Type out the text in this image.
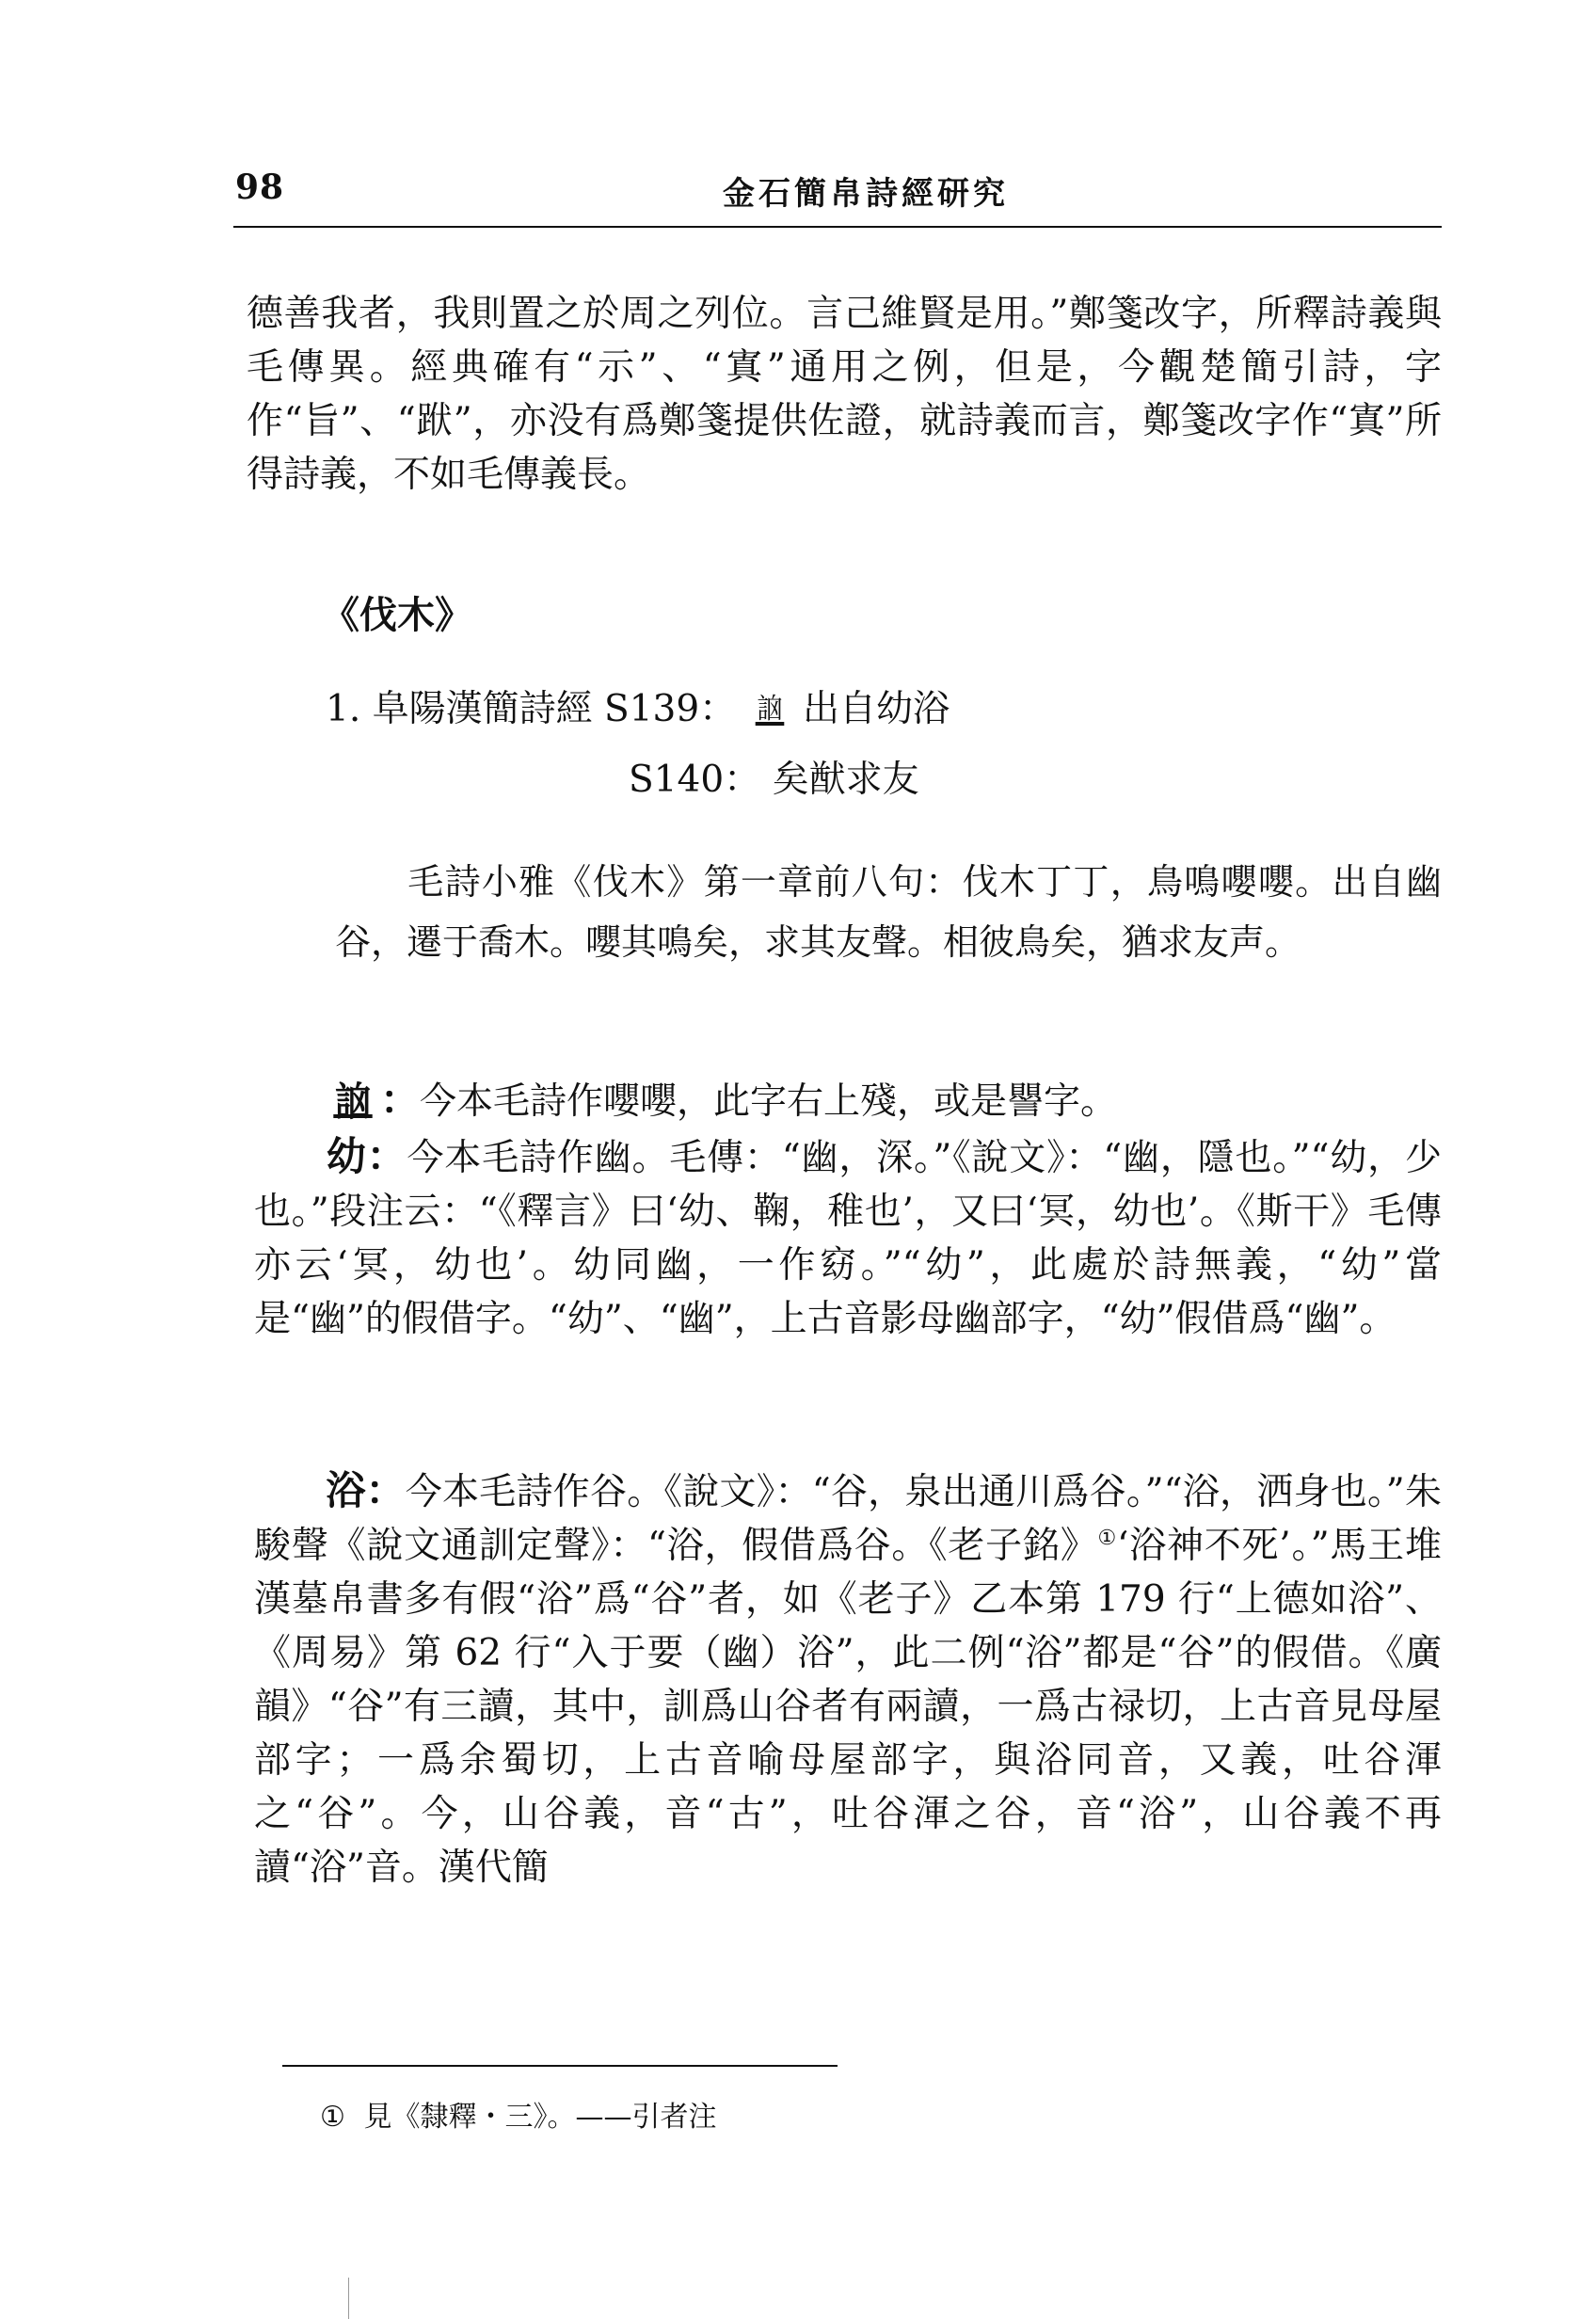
98	金石簡帛詩經研究

德善我者，我則置之於周之列位。言己維賢是用。”鄭箋改字，所釋詩義與毛傳異。經典確有“示”、“寘”通用之例，但是，今觀楚簡引詩，字作“旨”、“䟮”，亦没有爲鄭箋提供佐證，就詩義而言，鄭箋改字作“寘”所得詩義，不如毛傳義長。

《伐木》
1. 阜陽漢簡詩經 S139： 䛜 出自幼浴
S140： 矣猷求友

毛詩小雅《伐木》第一章前八句：伐木丁丁，鳥鳴嚶嚶。出自幽谷，遷于喬木。嚶其鳴矣，求其友聲。相彼鳥矣，猶求友声。

䛜 ：今本毛詩作嚶嚶，此字右上殘，或是譻字。

幼：今本毛詩作幽。毛傳：“幽，深。”《說文》：“幽，隱也。”“幼，少也。”段注云：“《釋言》曰‘幼、鞠，稚也’，又曰‘冥，幼也’。《斯干》毛傳亦云‘冥，幼也’。幼同幽，一作窈。”“幼”，此處於詩無義，“幼”當是“幽”的假借字。“幼”、“幽”，上古音影母幽部字，“幼”假借爲“幽”。

浴：今本毛詩作谷。《說文》：“谷，泉出通川爲谷。”“浴，洒身也。”朱駿聲《說文通訓定聲》：“浴，假借爲谷。《老子銘》①‘浴神不死’。”馬王堆漢墓帛書多有假“浴”爲“谷”者，如《老子》乙本第 179 行“上德如浴”、《周易》第 62 行“入于要（幽）浴”，此二例“浴”都是“谷”的假借。《廣韻》“谷”有三讀，其中，訓爲山谷者有兩讀，一爲古禄切，上古音見母屋部字；一爲余蜀切，上古音喻母屋部字，與浴同音，又義，吐谷渾之“谷”。今，山谷義，音“古”，吐谷渾之谷，音“浴”，山谷義不再讀“浴”音。漢代簡

① 見《隸釋・三》。——引者注
